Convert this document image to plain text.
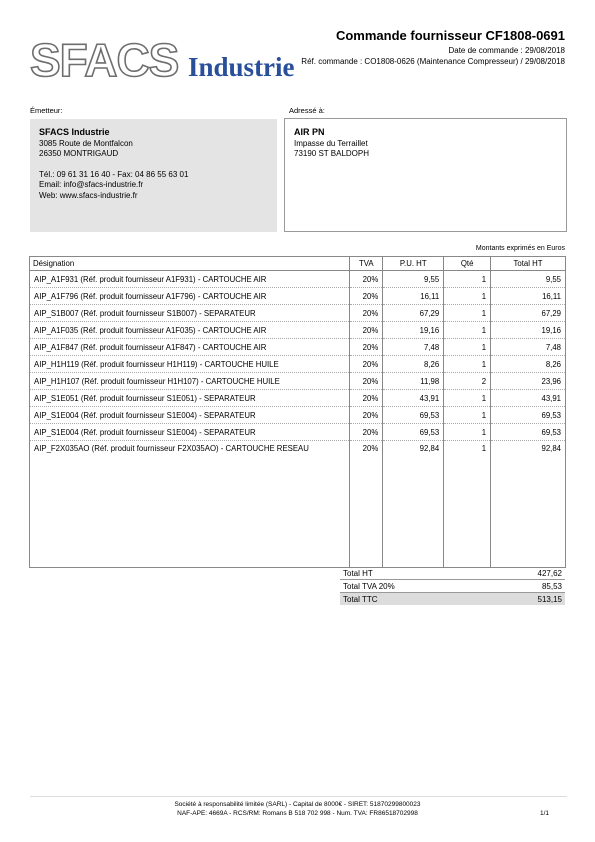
SFACS Industrie
Commande fournisseur CF1808-0691
Date de commande : 29/08/2018
Réf. commande : CO1808-0626 (Maintenance Compresseur) / 29/08/2018
Émetteur:	Adressé à:
SFACS Industrie
3085 Route de Montfalcon
26350 MONTRIGAUD
Tél.: 09 61 31 16 40 - Fax: 04 86 55 63 01
Email: info@sfacs-industrie.fr
Web: www.sfacs-industrie.fr
AIR PN
Impasse du Terraillet
73190 ST BALDOPH
Montants exprimés en Euros
Désignation	TVA	P.U. HT	Qté	Total HT
AIP_A1F931 (Réf. produit fournisseur A1F931) - CARTOUCHE AIR	20%	9,55	1	9,55
AIP_A1F796 (Réf. produit fournisseur A1F796) - CARTOUCHE AIR	20%	16,11	1	16,11
AIP_S1B007 (Réf. produit fournisseur S1B007) - SEPARATEUR	20%	67,29	1	67,29
AIP_A1F035 (Réf. produit fournisseur A1F035) - CARTOUCHE AIR	20%	19,16	1	19,16
AIP_A1F847 (Réf. produit fournisseur A1F847) - CARTOUCHE AIR	20%	7,48	1	7,48
AIP_H1H119 (Réf. produit fournisseur H1H119) - CARTOUCHE HUILE	20%	8,26	1	8,26
AIP_H1H107 (Réf. produit fournisseur H1H107) - CARTOUCHE HUILE	20%	11,98	2	23,96
AIP_S1E051 (Réf. produit fournisseur S1E051) - SEPARATEUR	20%	43,91	1	43,91
AIP_S1E004 (Réf. produit fournisseur S1E004) - SEPARATEUR	20%	69,53	1	69,53
AIP_S1E004 (Réf. produit fournisseur S1E004) - SEPARATEUR	20%	69,53	1	69,53
AIP_F2X035AO (Réf. produit fournisseur F2X035AO) - CARTOUCHE RESEAU	20%	92,84	1	92,84
Total HT	427,62
Total TVA 20%	85,53
Total TTC	513,15
Société à responsabilité limitée (SARL) - Capital de 8000€ - SIRET: 51870299800023
NAF-APE: 4669A - RCS/RM: Romans B 518 702 998 - Num. TVA: FR86518702998	1/1
